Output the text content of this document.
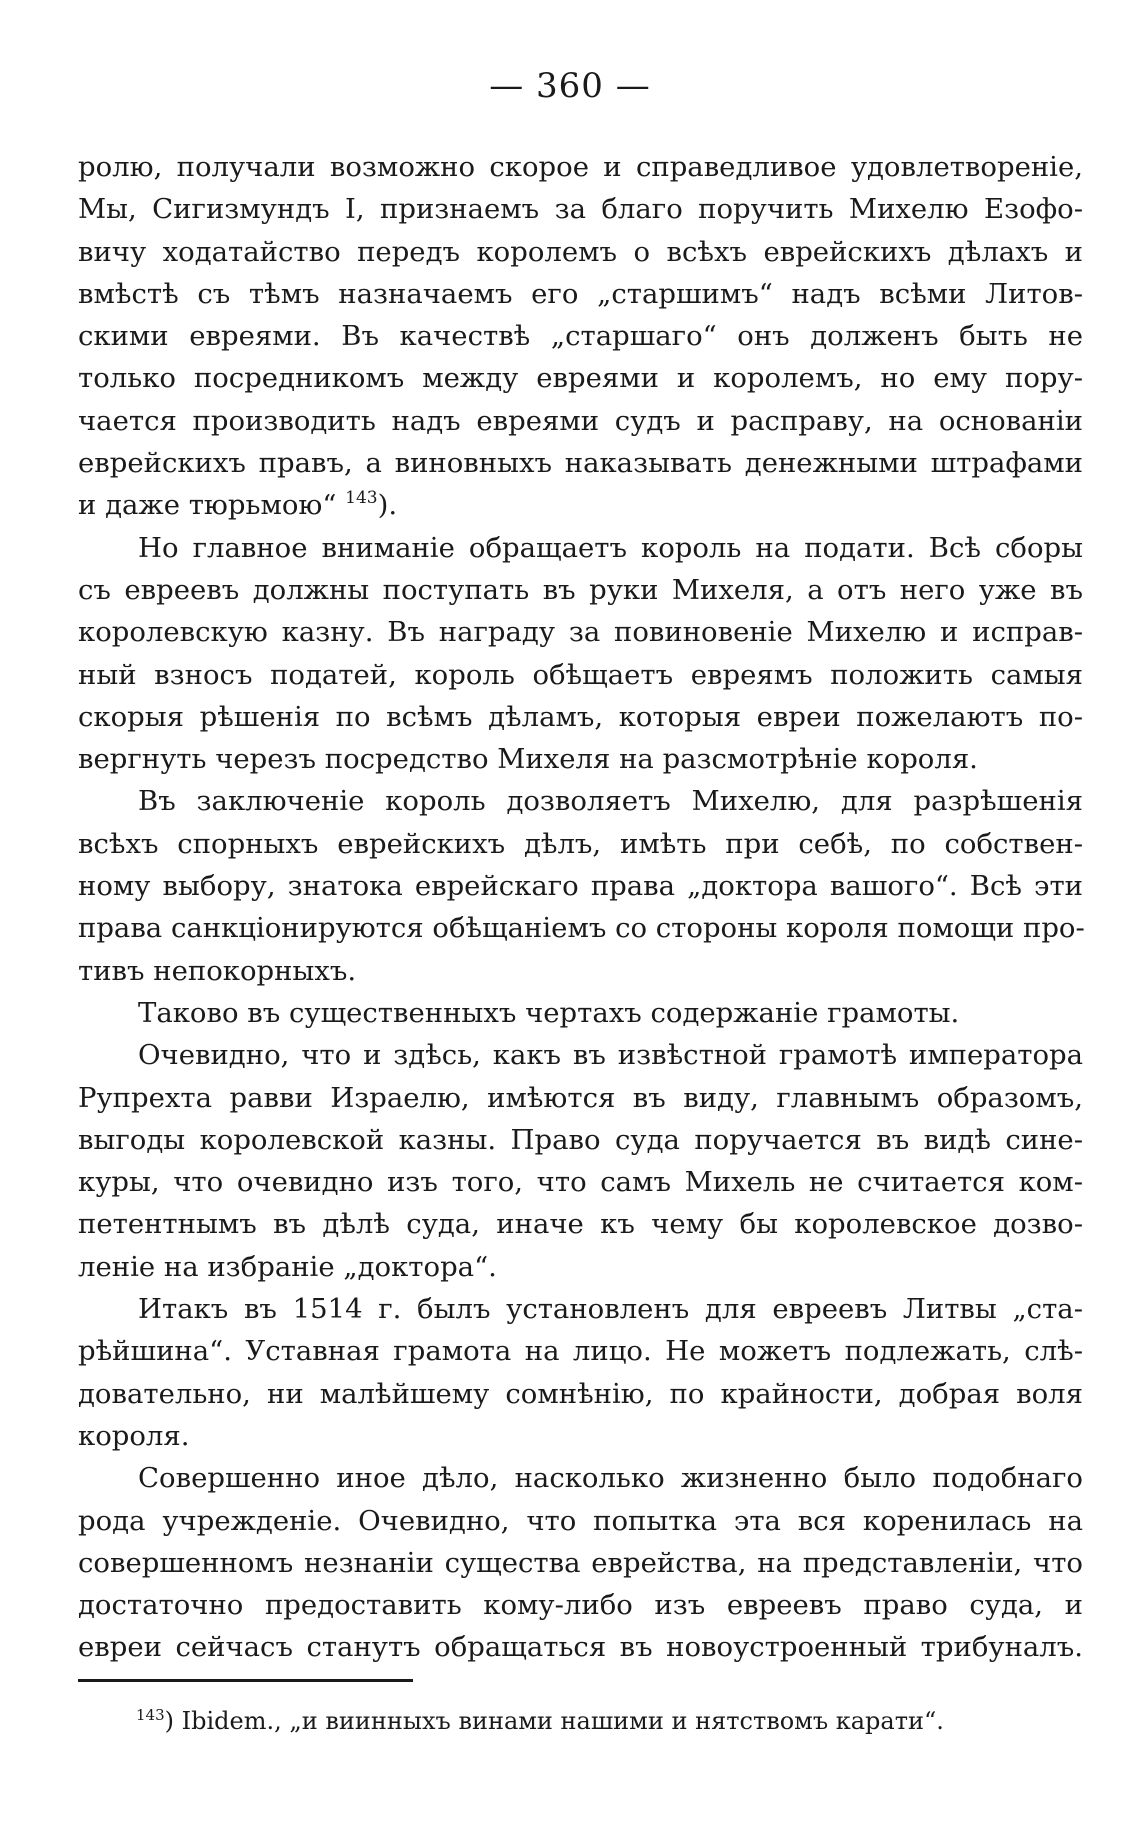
— 360 —
ролю, получали возможно скорое и справедливое удовлетвореніе,
Мы, Сигизмундъ I, признаемъ за благо поручить Михелю Езофо-
вичу ходатайство передъ королемъ о всѣхъ еврейскихъ дѣлахъ и
вмѣстѣ съ тѣмъ назначаемъ его „старшимъ“ надъ всѣми Литов-
скими евреями. Въ качествѣ „старшаго“ онъ долженъ быть не
только посредникомъ между евреями и королемъ, но ему пору-
чается производить надъ евреями судъ и расправу, на основаніи
еврейскихъ правъ, а виновныхъ наказывать денежными штрафами
и даже тюрьмою“ $^{143}$).
Но главное вниманіе обращаетъ король на подати. Всѣ сборы
съ евреевъ должны поступать въ руки Михеля, а отъ него уже въ
королевскую казну. Въ награду за повиновеніе Михелю и исправ-
ный взносъ податей, король обѣщаетъ евреямъ положить самыя
скорыя рѣшенія по всѣмъ дѣламъ, которыя евреи пожелаютъ по-
вергнуть черезъ посредство Михеля на разсмотрѣніе короля.
Въ заключеніе король дозволяетъ Михелю, для разрѣшенія
всѣхъ спорныхъ еврейскихъ дѣлъ, имѣть при себѣ, по собствен-
ному выбору, знатока еврейскаго права „доктора вашого“. Всѣ эти
права санкціонируются обѣщаніемъ со стороны короля помощи про-
тивъ непокорныхъ.
Таково въ существенныхъ чертахъ содержаніе грамоты.
Очевидно, что и здѣсь, какъ въ извѣстной грамотѣ императора
Рупрехта равви Израелю, имѣются въ виду, главнымъ образомъ,
выгоды королевской казны. Право суда поручается въ видѣ сине-
куры, что очевидно изъ того, что самъ Михель не считается ком-
петентнымъ въ дѣлѣ суда, иначе къ чему бы королевское дозво-
леніе на избраніе „доктора“.
Итакъ въ 1514 г. былъ установленъ для евреевъ Литвы „ста-
рѣйшина“. Уставная грамота на лицо. Не можетъ подлежать, слѣ-
довательно, ни малѣйшему сомнѣнію, по крайности, добрая воля
короля.
Совершенно иное дѣло, насколько жизненно было подобнаго
рода учрежденіе. Очевидно, что попытка эта вся коренилась на
совершенномъ незнаніи существа еврейства, на представленіи, что
достаточно предоставить кому-либо изъ евреевъ право суда, и
евреи сейчасъ станутъ обращаться въ новоустроенный трибуналъ.
$^{143}$) Ibidem., „и виинныхъ винами нашими и нятствомъ карати“.
